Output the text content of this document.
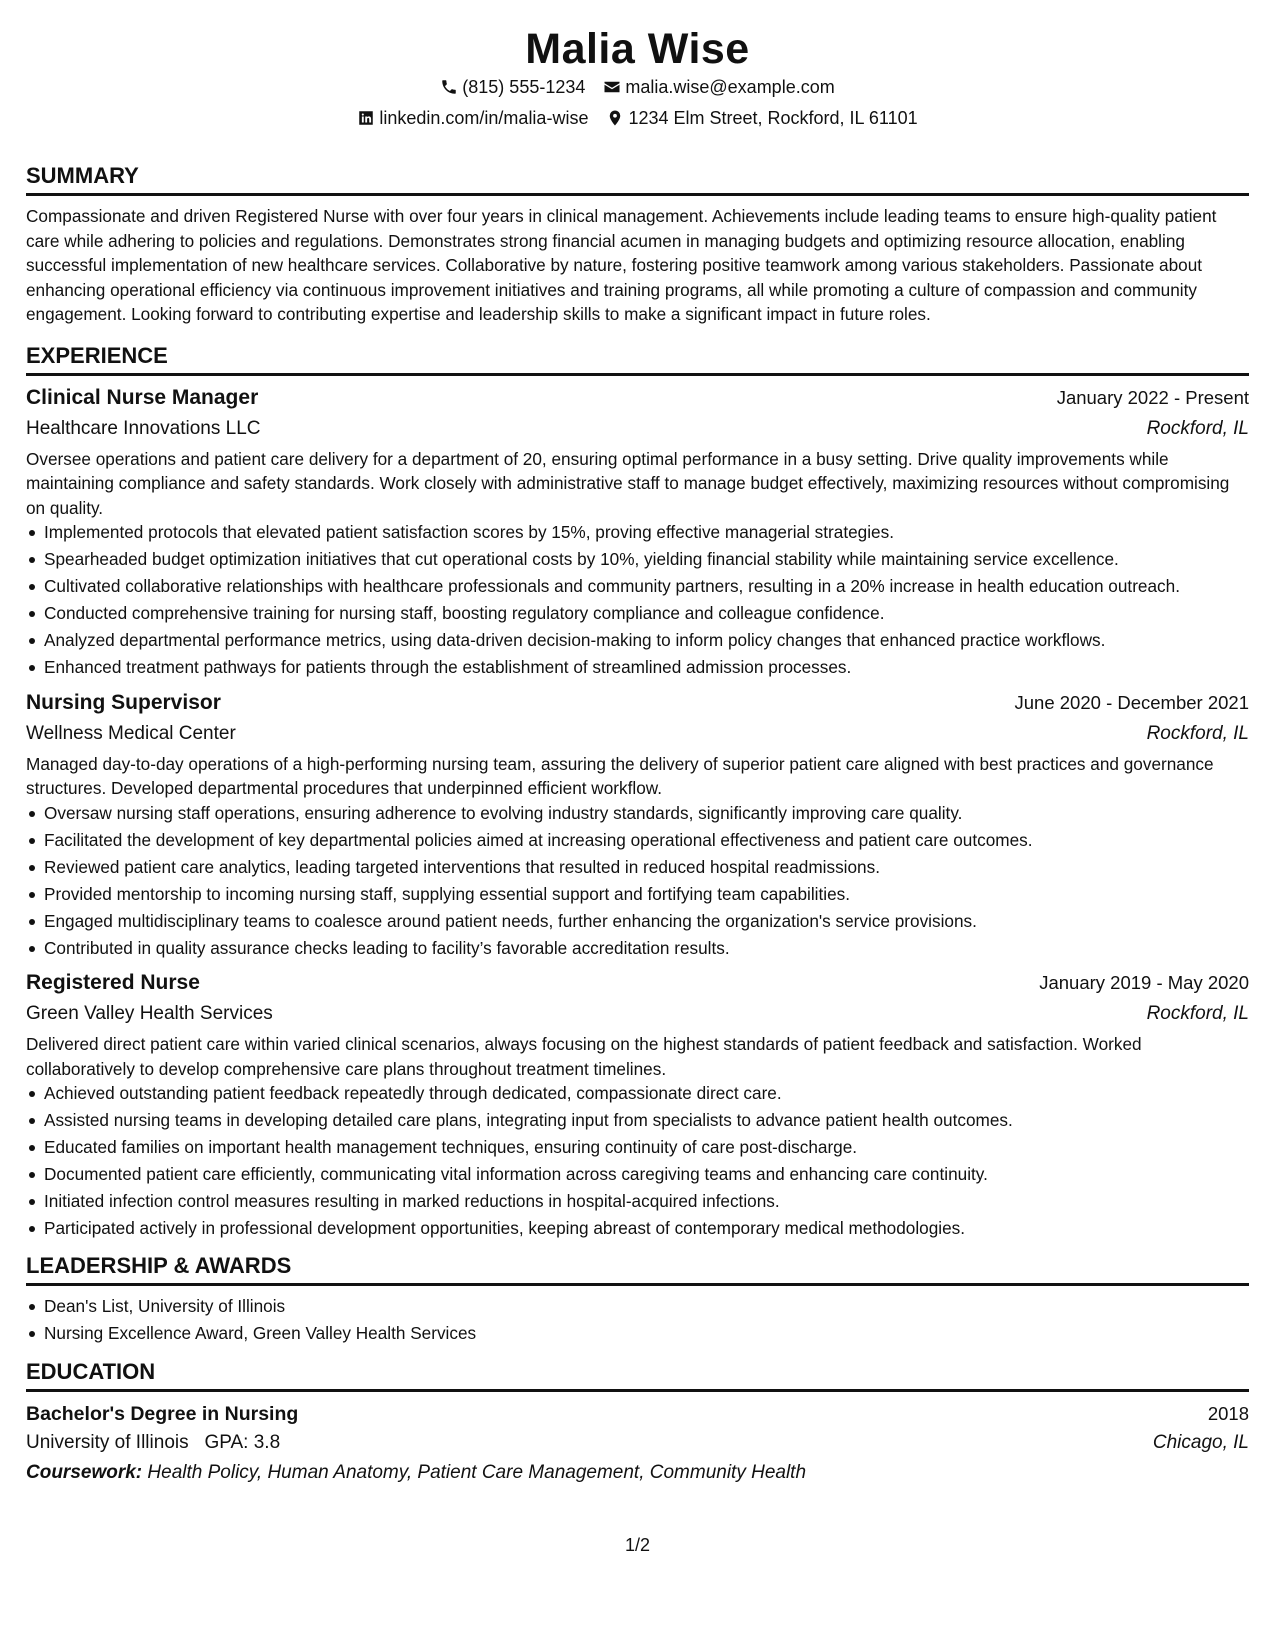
Malia Wise
(815) 555-1234 malia.wise@example.com
linkedin.com/in/malia-wise 1234 Elm Street, Rockford, IL 61101
SUMMARY

Compassionate and driven Registered Nurse with over four years in clinical management. Achievements include leading teams to ensure high-quality patient care while adhering to policies and regulations. Demonstrates strong financial acumen in managing budgets and optimizing resource allocation, enabling successful implementation of new healthcare services. Collaborative by nature, fostering positive teamwork among various stakeholders. Passionate about enhancing operational efficiency via continuous improvement initiatives and training programs, all while promoting a culture of compassion and community engagement. Looking forward to contributing expertise and leadership skills to make a significant impact in future roles.

EXPERIENCE
Clinical Nurse Manager	January 2022 - Present
Healthcare Innovations LLC	Rockford, IL

Oversee operations and patient care delivery for a department of 20, ensuring optimal performance in a busy setting. Drive quality improvements while maintaining compliance and safety standards. Work closely with administrative staff to manage budget effectively, maximizing resources without compromising on quality.

Implemented protocols that elevated patient satisfaction scores by 15%, proving effective managerial strategies.
Spearheaded budget optimization initiatives that cut operational costs by 10%, yielding financial stability while maintaining service excellence.
Cultivated collaborative relationships with healthcare professionals and community partners, resulting in a 20% increase in health education outreach.
Conducted comprehensive training for nursing staff, boosting regulatory compliance and colleague confidence.
Analyzed departmental performance metrics, using data-driven decision-making to inform policy changes that enhanced practice workflows.
Enhanced treatment pathways for patients through the establishment of streamlined admission processes.
Nursing Supervisor	June 2020 - December 2021
Wellness Medical Center	Rockford, IL

Managed day-to-day operations of a high-performing nursing team, assuring the delivery of superior patient care aligned with best practices and governance structures. Developed departmental procedures that underpinned efficient workflow.

Oversaw nursing staff operations, ensuring adherence to evolving industry standards, significantly improving care quality.
Facilitated the development of key departmental policies aimed at increasing operational effectiveness and patient care outcomes.
Reviewed patient care analytics, leading targeted interventions that resulted in reduced hospital readmissions.
Provided mentorship to incoming nursing staff, supplying essential support and fortifying team capabilities.
Engaged multidisciplinary teams to coalesce around patient needs, further enhancing the organization's service provisions.
Contributed in quality assurance checks leading to facility’s favorable accreditation results.
Registered Nurse	January 2019 - May 2020
Green Valley Health Services	Rockford, IL

Delivered direct patient care within varied clinical scenarios, always focusing on the highest standards of patient feedback and satisfaction. Worked collaboratively to develop comprehensive care plans throughout treatment timelines.

Achieved outstanding patient feedback repeatedly through dedicated, compassionate direct care.
Assisted nursing teams in developing detailed care plans, integrating input from specialists to advance patient health outcomes.
Educated families on important health management techniques, ensuring continuity of care post-discharge.
Documented patient care efficiently, communicating vital information across caregiving teams and enhancing care continuity.
Initiated infection control measures resulting in marked reductions in hospital-acquired infections.
Participated actively in professional development opportunities, keeping abreast of contemporary medical methodologies.
LEADERSHIP & AWARDS
Dean's List, University of Illinois
Nursing Excellence Award, Green Valley Health Services
EDUCATION
Bachelor's Degree in Nursing	2018
University of Illinois GPA: 3.8	Chicago, IL
Coursework: Health Policy, Human Anatomy, Patient Care Management, Community Health
1/2
